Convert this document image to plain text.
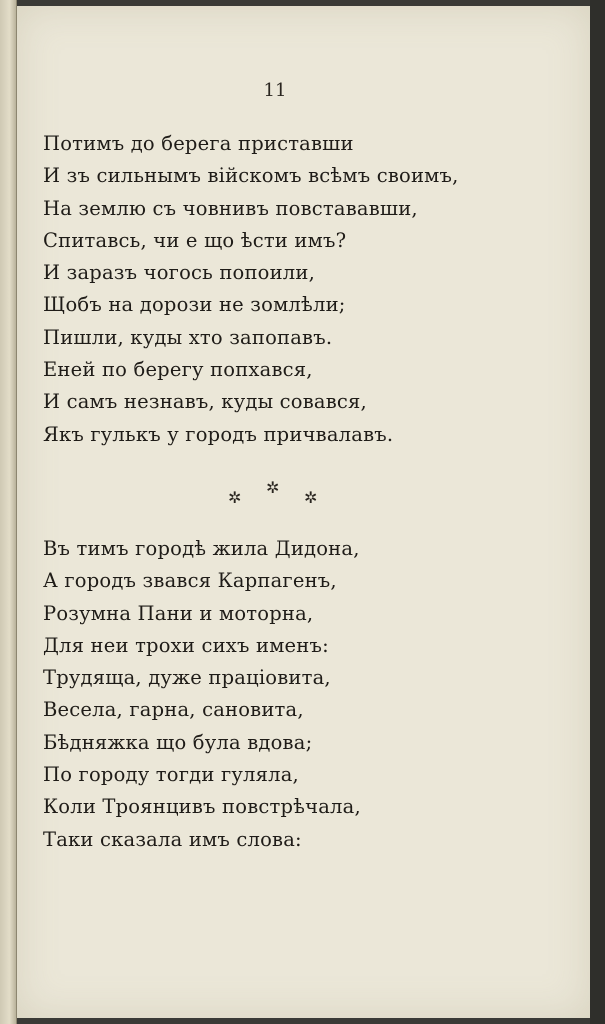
11
Потимъ до берега приставши
И зъ сильнымъ війскомъ всѣмъ своимъ,
На землю съ човнивъ повстававши,
Спитавсь, чи е що ѣсти имъ?
И заразъ чогось попоили,
Щобъ на дорози не зомлѣли;
Пишли, куды хто запопавъ.
Еней по берегу попхався,
И самъ незнавъ, куды совався,
Якъ гулькъ у городъ причвалавъ.
✲
✲
✲
Въ тимъ городѣ жила Дидона,
А городъ звався Карпагенъ,
Розумна Пани и моторна,
Для неи трохи сихъ именъ:
Трудяща, дуже праціовита,
Весела, гарна, сановита,
Бѣдняжка що була вдова;
По городу тогди гуляла,
Коли Троянцивъ повстрѣчала,
Таки сказала имъ слова:
